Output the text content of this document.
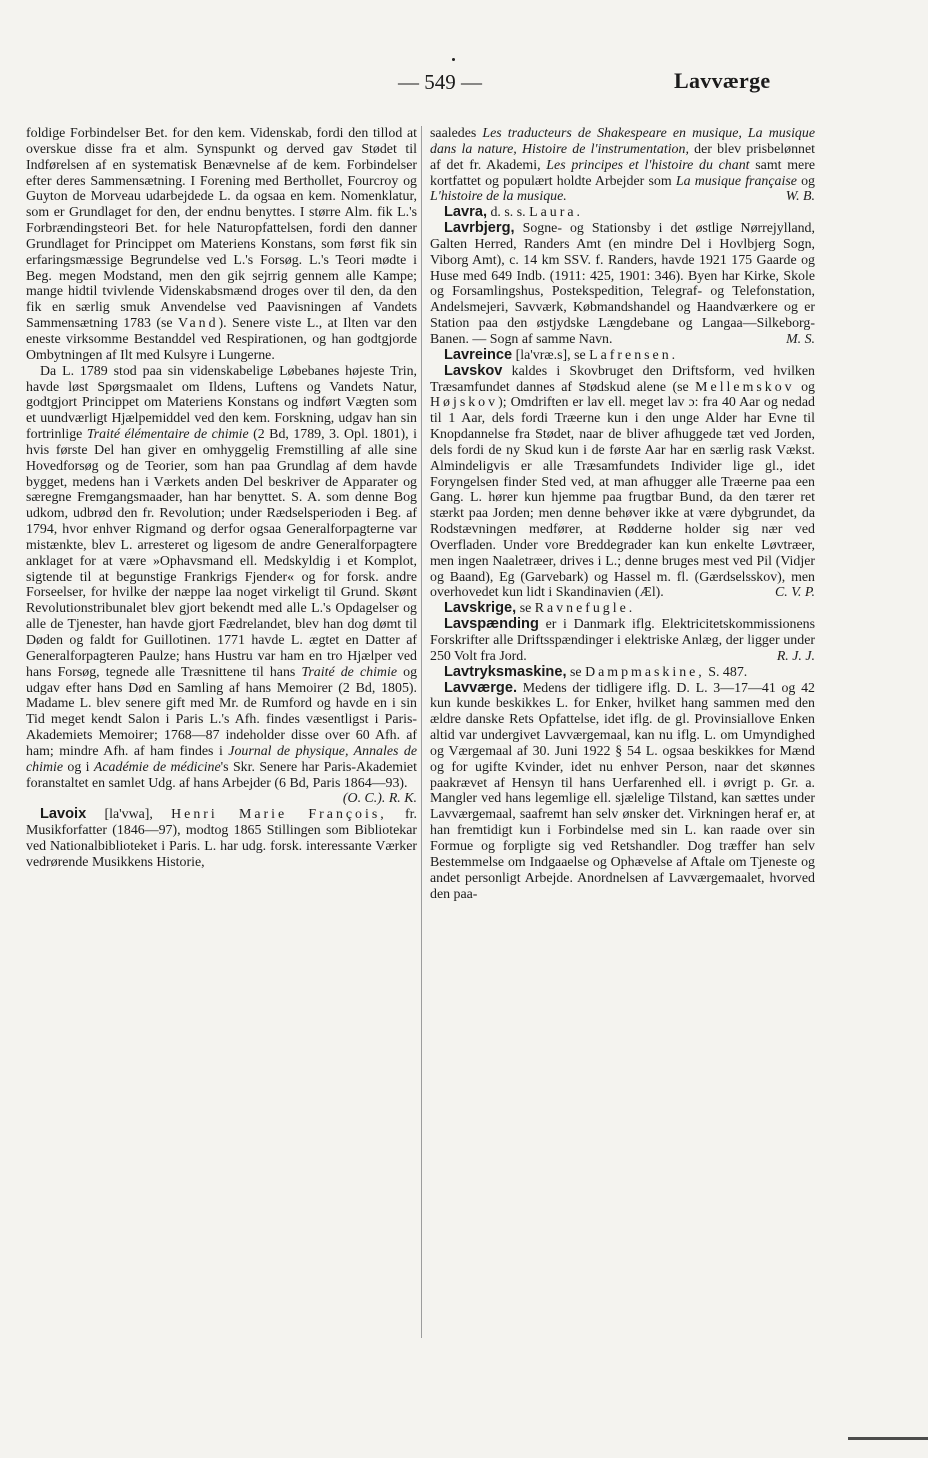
— 549 —	Lavværge

foldige Forbindelser Bet. for den kem. Videnskab, fordi den tillod at overskue disse fra et alm. Synspunkt og derved gav Stødet til Indførelsen af en systematisk Benævnelse af de kem. Forbindelser efter deres Sammensætning. I Forening med Berthollet, Fourcroy og Guyton de Morveau udarbejdede L. da ogsaa en kem. Nomenklatur, som er Grundlaget for den, der endnu benyttes. I større Alm. fik L.'s Forbrændingsteori Bet. for hele Naturopfattelsen, fordi den danner Grundlaget for Princippet om Materiens Konstans, som først fik sin erfaringsmæssige Begrundelse ved L.'s Forsøg. L.'s Teori mødte i Beg. megen Modstand, men den gik sejrrig gennem alle Kampe; mange hidtil tvivlende Videnskabsmænd droges over til den, da den fik en særlig smuk Anvendelse ved Paavisningen af Vandets Sammensætning 1783 (se Vand). Senere viste L., at Ilten var den eneste virksomme Bestanddel ved Respirationen, og han godtgjorde Ombytningen af Ilt med Kulsyre i Lungerne.

Da L. 1789 stod paa sin videnskabelige Løbebanes højeste Trin, havde løst Spørgsmaalet om Ildens, Luftens og Vandets Natur, godtgjort Princippet om Materiens Konstans og indført Vægten som et uundværligt Hjælpemiddel ved den kem. Forskning, udgav han sin fortrinlige Traité élémentaire de chimie (2 Bd, 1789, 3. Opl. 1801), i hvis første Del han giver en omhyggelig Fremstilling af alle sine Hovedforsøg og de Teorier, som han paa Grundlag af dem havde bygget, medens han i Værkets anden Del beskriver de Apparater og særegne Fremgangsmaader, han har benyttet. S. A. som denne Bog udkom, udbrød den fr. Revolution; under Rædselsperioden i Beg. af 1794, hvor enhver Rigmand og derfor ogsaa Generalforpagterne var mistænkte, blev L. arresteret og ligesom de andre Generalforpagtere anklaget for at være »Ophavsmand ell. Medskyldig i et Komplot, sigtende til at begunstige Frankrigs Fjender« og for forsk. andre Forseelser, for hvilke der næppe laa noget virkeligt til Grund. Skønt Revolutionstribunalet blev gjort bekendt med alle L.'s Opdagelser og alle de Tjenester, han havde gjort Fædrelandet, blev han dog dømt til Døden og faldt for Guillotinen. 1771 havde L. ægtet en Datter af Generalforpagteren Paulze; hans Hustru var ham en tro Hjælper ved hans Forsøg, tegnede alle Træsnittene til hans Traité de chimie og udgav efter hans Død en Samling af hans Memoirer (2 Bd, 1805). Madame L. blev senere gift med Mr. de Rumford og havde en i sin Tid meget kendt Salon i Paris L.'s Afh. findes væsentligst i Paris-Akademiets Memoirer; 1768—87 indeholder disse over 60 Afh. af ham; mindre Afh. af ham findes i Journal de physique, Annales de chimie og i Académie de médicine's Skr. Senere har Paris-Akademiet foranstaltet en samlet Udg. af hans Arbejder (6 Bd, Paris 1864—93).

(O. C.). R. K.

Lavoix [la'vwa], Henri Marie François, fr. Musikforfatter (1846—97), modtog 1865 Stillingen som Bibliotekar ved Nationalbiblioteket i Paris. L. har udg. forsk. interessante Værker vedrørende Musikkens Historie,

saaledes Les traducteurs de Shakespeare en musique, La musique dans la nature, Histoire de l'instrumentation, der blev prisbelønnet af det fr. Akademi, Les principes et l'histoire du chant samt mere kortfattet og populært holdte Arbejder som La musique française og L'histoire de la musique.	W. B.

Lavra, d. s. s. Laura.

Lavrbjerg, Sogne- og Stationsby i det østlige Nørrejylland, Galten Herred, Randers Amt (en mindre Del i Hovlbjerg Sogn, Viborg Amt), c. 14 km SSV. f. Randers, havde 1921 175 Gaarde og Huse med 649 Indb. (1911: 425, 1901: 346). Byen har Kirke, Skole og Forsamlingshus, Postekspedition, Telegraf- og Telefonstation, Andelsmejeri, Savværk, Købmandshandel og Haandværkere og er Station paa den østjydske Længdebane og Langaa—Silkeborg-Banen. — Sogn af samme Navn.	M. S.

Lavreince [la'vræ.s], se Lafrensen.

Lavskov kaldes i Skovbruget den Driftsform, ved hvilken Træsamfundet dannes af Stødskud alene (se Mellemskov og Højskov); Omdriften er lav ell. meget lav ɔ: fra 40 Aar og nedad til 1 Aar, dels fordi Træerne kun i den unge Alder har Evne til Knopdannelse fra Stødet, naar de bliver afhuggede tæt ved Jorden, dels fordi de ny Skud kun i de første Aar har en særlig rask Vækst. Almindeligvis er alle Træsamfundets Individer lige gl., idet Foryngelsen finder Sted ved, at man afhugger alle Træerne paa een Gang. L. hører kun hjemme paa frugtbar Bund, da den tærer ret stærkt paa Jorden; men denne behøver ikke at være dybgrundet, da Rodstævningen medfører, at Rødderne holder sig nær ved Overfladen. Under vore Breddegrader kan kun enkelte Løvtræer, men ingen Naaletræer, drives i L.; denne bruges mest ved Pil (Vidjer og Baand), Eg (Garvebark) og Hassel m. fl. (Gærdselsskov), men overhovedet kun lidt i Skandinavien (Æl).	C. V. P.

Lavskrige, se Ravnefugle.

Lavspænding er i Danmark iflg. Elektricitetskommissionens Forskrifter alle Driftsspændinger i elektriske Anlæg, der ligger under 250 Volt fra Jord.	R. J. J.

Lavtryksmaskine, se Dampmaskine, S. 487.

Lavværge. Medens der tidligere iflg. D. L. 3—17—41 og 42 kun kunde beskikkes L. for Enker, hvilket hang sammen med den ældre danske Rets Opfattelse, idet iflg. de gl. Provinsiallove Enken altid var undergivet Lavværgemaal, kan nu iflg. L. om Umyndighed og Værgemaal af 30. Juni 1922 § 54 L. ogsaa beskikkes for Mænd og for ugifte Kvinder, idet nu enhver Person, naar det skønnes paakrævet af Hensyn til hans Uerfarenhed ell. i øvrigt p. Gr. a. Mangler ved hans legemlige ell. sjælelige Tilstand, kan sættes under Lavværgemaal, saafremt han selv ønsker det. Virkningen heraf er, at han fremtidigt kun i Forbindelse med sin L. kan raade over sin Formue og forpligte sig ved Retshandler. Dog træffer han selv Bestemmelse om Indgaaelse og Ophævelse af Aftale om Tjeneste og andet personligt Arbejde. Anordnelsen af Lavværgemaalet, hvorved den paa-
